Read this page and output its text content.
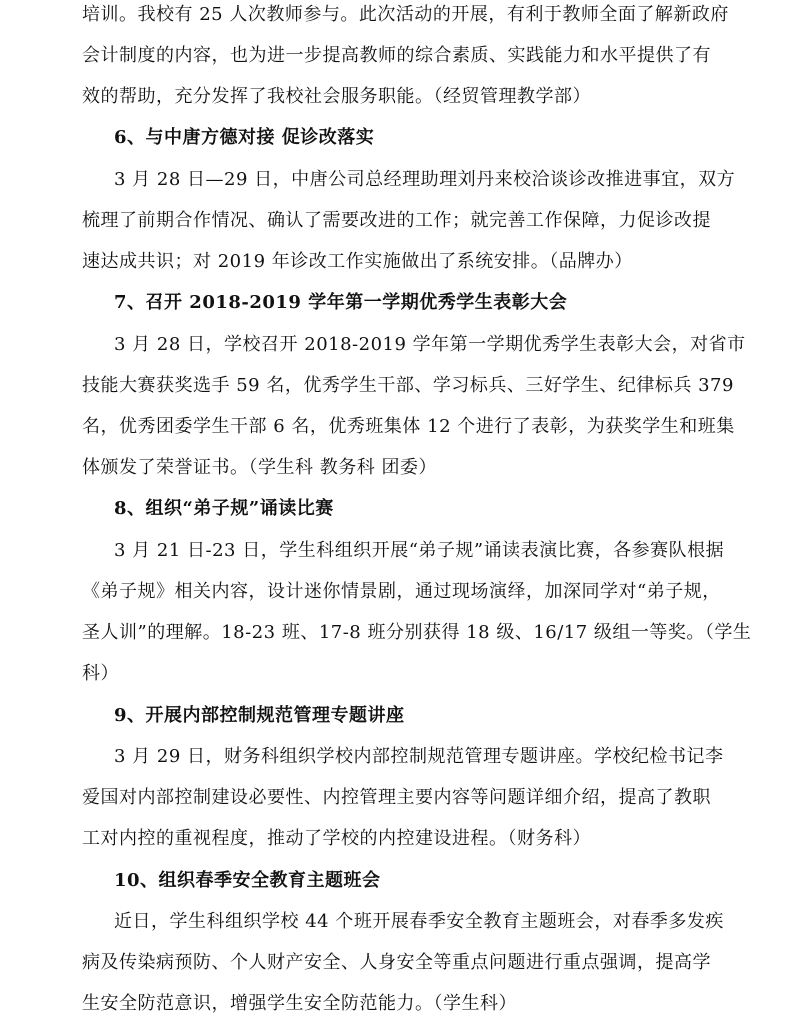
培训。我校有 25 人次教师参与。此次活动的开展，有利于教师全面了解新政府
会计制度的内容，也为进一步提高教师的综合素质、实践能力和水平提供了有
效的帮助，充分发挥了我校社会服务职能。（经贸管理教学部）
6、与中唐方德对接 促诊改落实
3 月 28 日—29 日，中唐公司总经理助理刘丹来校洽谈诊改推进事宜，双方
梳理了前期合作情况、确认了需要改进的工作；就完善工作保障，力促诊改提
速达成共识；对 2019 年诊改工作实施做出了系统安排。（品牌办）
7、召开 2018-2019 学年第一学期优秀学生表彰大会
3 月 28 日，学校召开 2018-2019 学年第一学期优秀学生表彰大会，对省市
技能大赛获奖选手 59 名，优秀学生干部、学习标兵、三好学生、纪律标兵 379
名，优秀团委学生干部 6 名，优秀班集体 12 个进行了表彰，为获奖学生和班集
体颁发了荣誉证书。（学生科 教务科 团委）
8、组织“弟子规”诵读比赛
3 月 21 日-23 日，学生科组织开展“弟子规”诵读表演比赛，各参赛队根据
《弟子规》相关内容，设计迷你情景剧，通过现场演绎，加深同学对“弟子规，
圣人训”的理解。18-23 班、17-8 班分别获得 18 级、16/17 级组一等奖。（学生
科）
9、开展内部控制规范管理专题讲座
3 月 29 日，财务科组织学校内部控制规范管理专题讲座。学校纪检书记李
爱国对内部控制建设必要性、内控管理主要内容等问题详细介绍，提高了教职
工对内控的重视程度，推动了学校的内控建设进程。（财务科）
10、组织春季安全教育主题班会
近日，学生科组织学校 44 个班开展春季安全教育主题班会，对春季多发疾
病及传染病预防、个人财产安全、人身安全等重点问题进行重点强调，提高学
生安全防范意识，增强学生安全防范能力。（学生科）
